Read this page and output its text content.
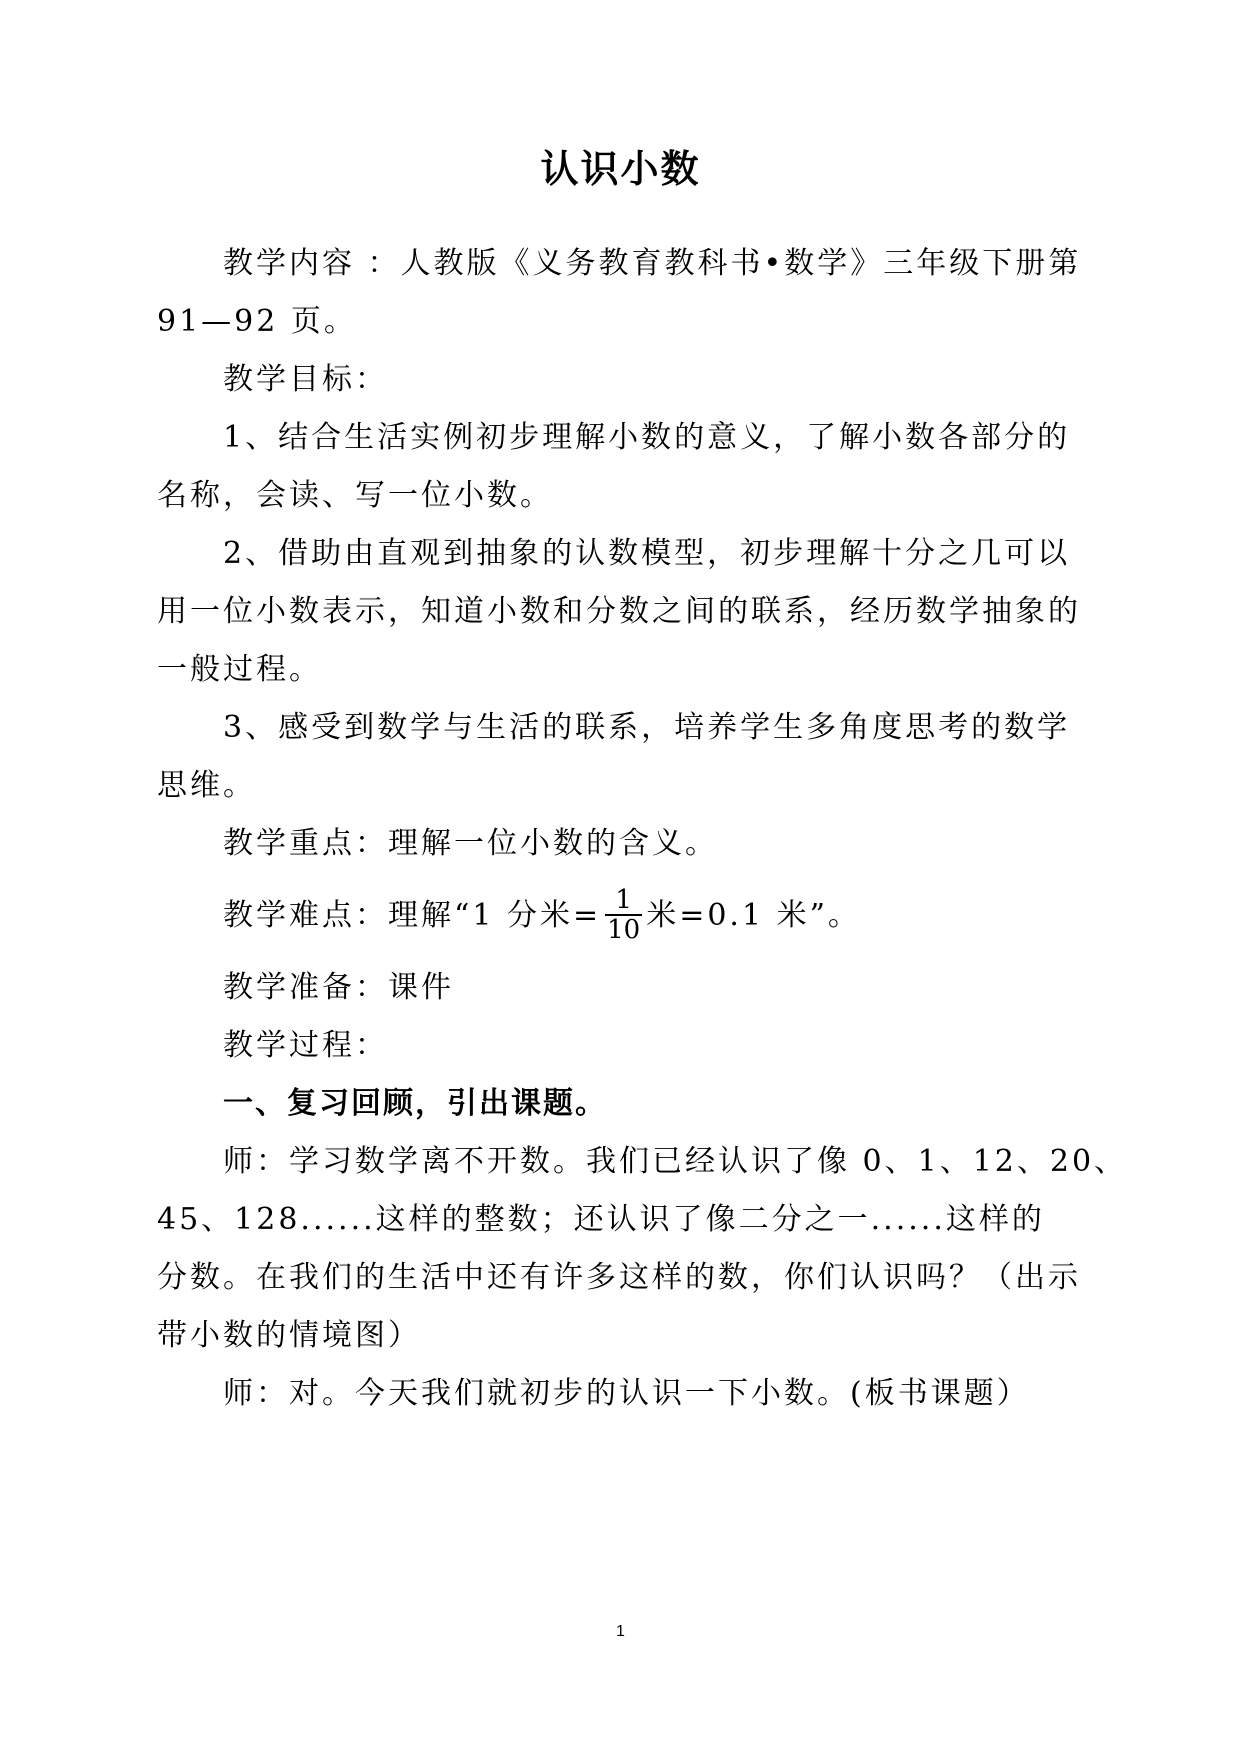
认识小数
教学内容 ：人教版《义务教育教科书•数学》三年级下册第
91—92 页。
教学目标：
1、结合生活实例初步理解小数的意义，了解小数各部分的
名称，会读、写一位小数。
2、借助由直观到抽象的认数模型，初步理解十分之几可以
用一位小数表示，知道小数和分数之间的联系，经历数学抽象的
一般过程。
3、感受到数学与生活的联系，培养学生多角度思考的数学
思维。
教学重点：理解一位小数的含义。
教学难点：理解“1 分米= $\frac{1}{10}$ 米=0.1 米”。
教学准备：课件
教学过程：
一、复习回顾，引出课题。
师：学习数学离不开数。我们已经认识了像 0、1、12、20、
45、128......这样的整数；还认识了像二分之一......这样的
分数。在我们的生活中还有许多这样的数，你们认识吗？（出示
带小数的情境图）
师：对。今天我们就初步的认识一下小数。(板书课题）
1
